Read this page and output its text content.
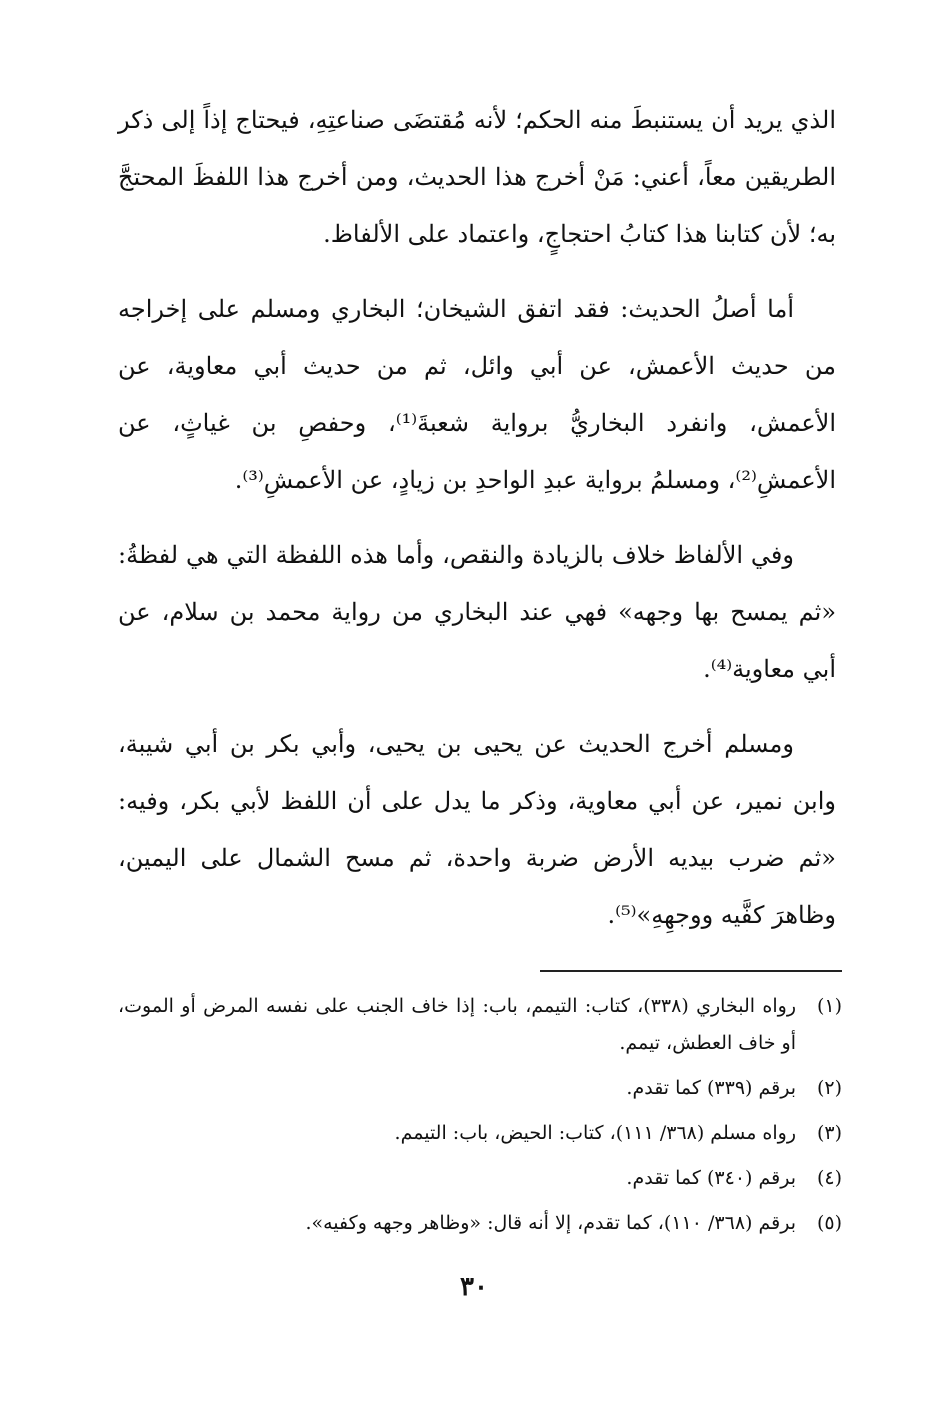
الذي يريد أن يستنبطَ منه الحكم؛ لأنه مُقتضَى صناعتِهِ، فيحتاج إذاً إلى ذكر الطريقين معاً، أعني: مَنْ أخرج هذا الحديث، ومن أخرج هذا اللفظَ المحتجَّ به؛ لأن كتابنا هذا كتابُ احتجاجٍ، واعتماد على الألفاظ.

أما أصلُ الحديث: فقد اتفق الشيخان؛ البخاري ومسلم على إخراجه من حديث الأعمش، عن أبي وائل، ثم من حديث أبي معاوية، عن الأعمش، وانفرد البخاريُّ برواية شعبةَ⁽¹⁾، وحفصِ بن غياثٍ، عن الأعمشِ⁽²⁾، ومسلمُ برواية عبدِ الواحدِ بن زيادٍ، عن الأعمشِ⁽³⁾.

وفي الألفاظ خلاف بالزيادة والنقص، وأما هذه اللفظة التي هي لفظةُ: «ثم يمسح بها وجهه» فهي عند البخاري من رواية محمد بن سلام، عن أبي معاوية⁽⁴⁾.

ومسلم أخرج الحديث عن يحيى بن يحيى، وأبي بكر بن أبي شيبة، وابن نمير، عن أبي معاوية، وذكر ما يدل على أن اللفظ لأبي بكر، وفيه: «ثم ضرب بيديه الأرض ضربة واحدة، ثم مسح الشمال على اليمين، وظاهرَ كفَّيه ووجهِهِ»⁽⁵⁾.

(١)
رواه البخاري (٣٣٨)، كتاب: التيمم، باب: إذا خاف الجنب على نفسه المرض أو الموت، أو خاف العطش، تيمم.
(٢)
برقم (٣٣٩) كما تقدم.
(٣)
رواه مسلم (٣٦٨/ ١١١)، كتاب: الحيض، باب: التيمم.
(٤)
برقم (٣٤٠) كما تقدم.
(٥)
برقم (٣٦٨/ ١١٠)، كما تقدم، إلا أنه قال: «وظاهر وجهه وكفيه».
٣٠
